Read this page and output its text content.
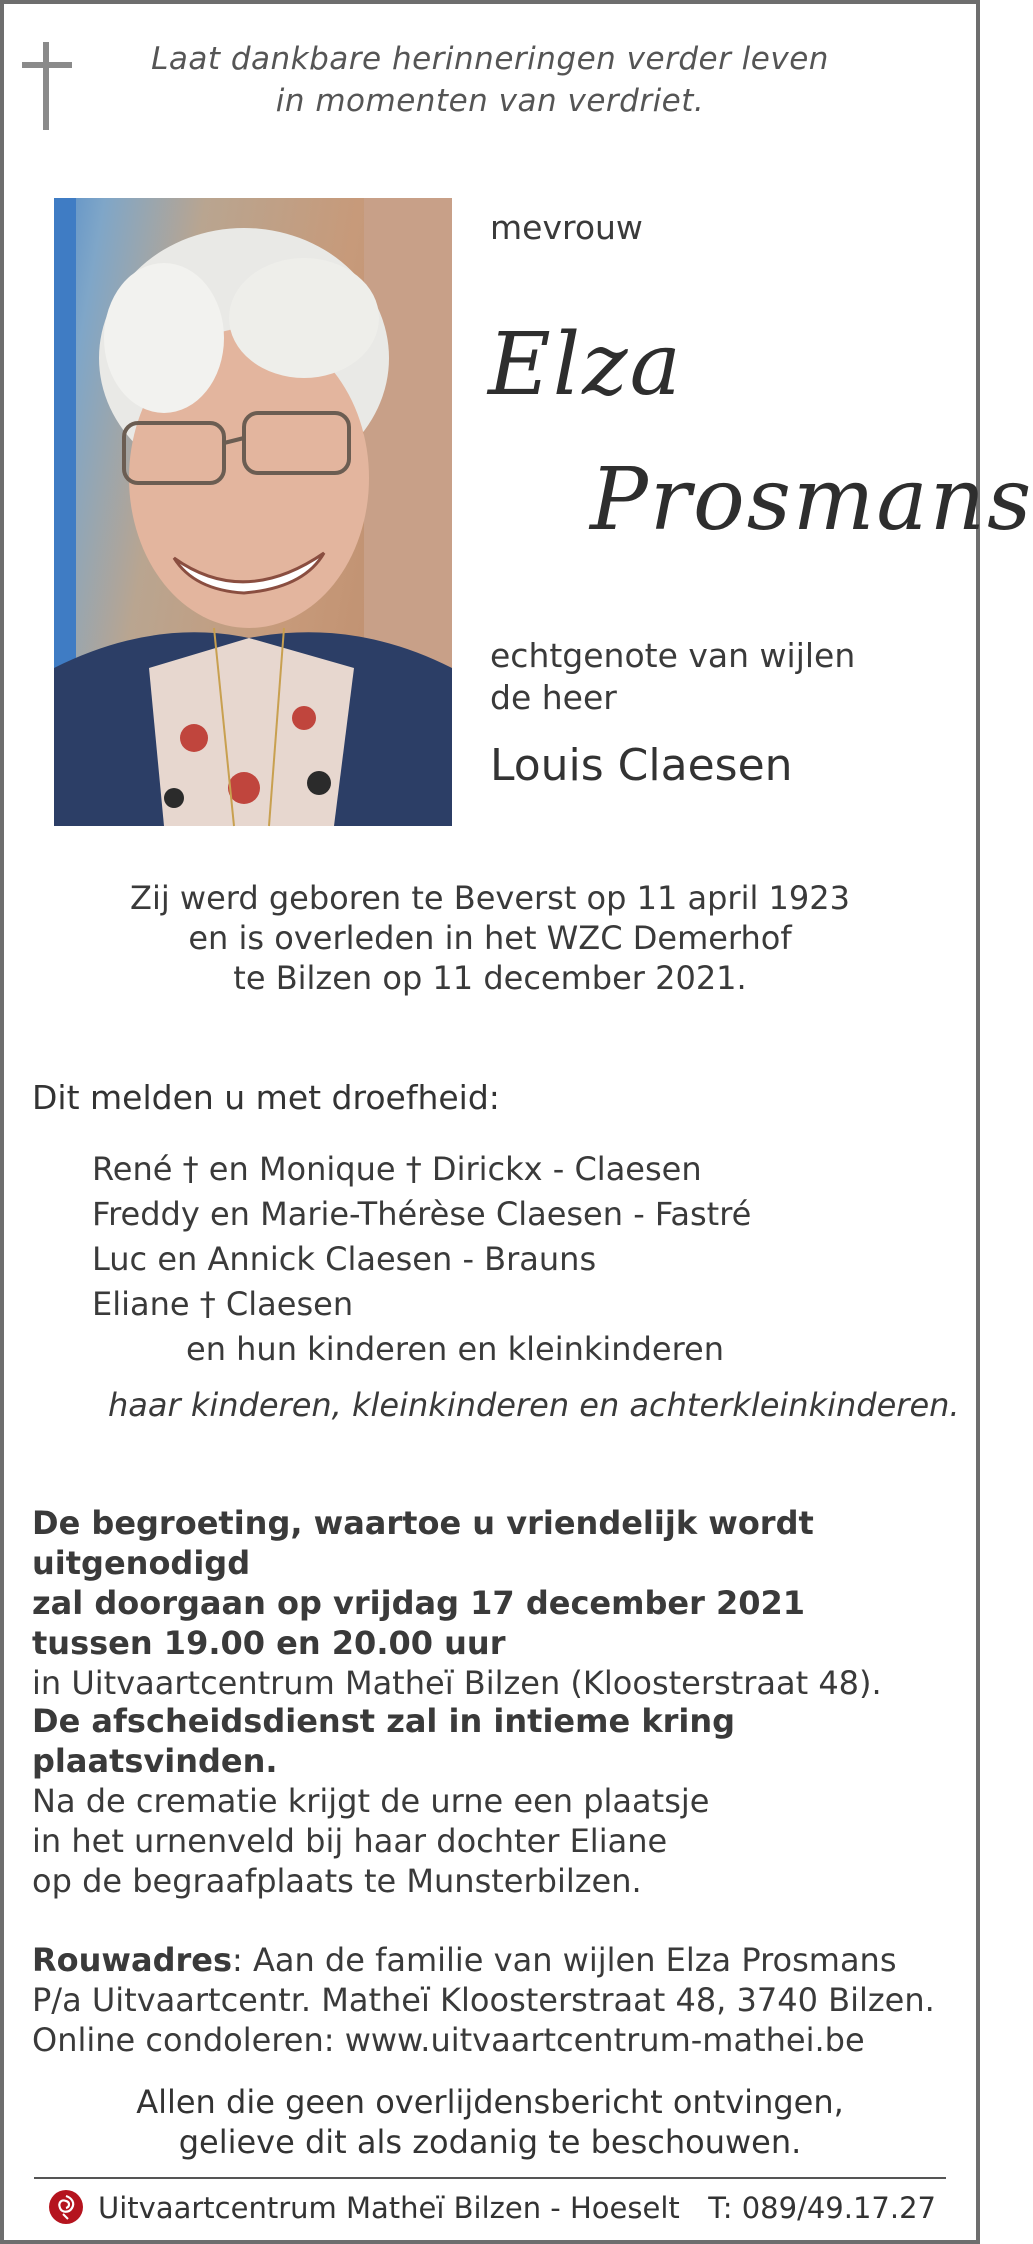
Laat dankbare herinneringen verder leven
in momenten van verdriet.
mevrouw
Elza
Prosmans
echtgenote van wijlen
de heer
Louis Claesen
Zij werd geboren te Beverst op 11 april 1923
en is overleden in het WZC Demerhof
te Bilzen op 11 december 2021.
Dit melden u met droefheid:
René † en Monique † Dirickx - Claesen
Freddy en Marie-Thérèse Claesen - Fastré
Luc en Annick Claesen - Brauns
Eliane † Claesen
en hun kinderen en kleinkinderen
haar kinderen, kleinkinderen en achterkleinkinderen.
De begroeting, waartoe u vriendelijk wordt uitgenodigd
zal doorgaan op vrijdag 17 december 2021
tussen 19.00 en 20.00 uur
in Uitvaartcentrum Matheï Bilzen (Kloosterstraat 48).
De afscheidsdienst zal in intieme kring plaatsvinden.
Na de crematie krijgt de urne een plaatsje
in het urnenveld bij haar dochter Eliane
op de begraafplaats te Munsterbilzen.
Rouwadres: Aan de familie van wijlen Elza Prosmans
P/a Uitvaartcentr. Matheï Kloosterstraat 48, 3740 Bilzen.
Online condoleren: www.uitvaartcentrum-mathei.be
Allen die geen overlijdensbericht ontvingen,
gelieve dit als zodanig te beschouwen.
Uitvaartcentrum Matheï Bilzen - Hoeselt T: 089/49.17.27
